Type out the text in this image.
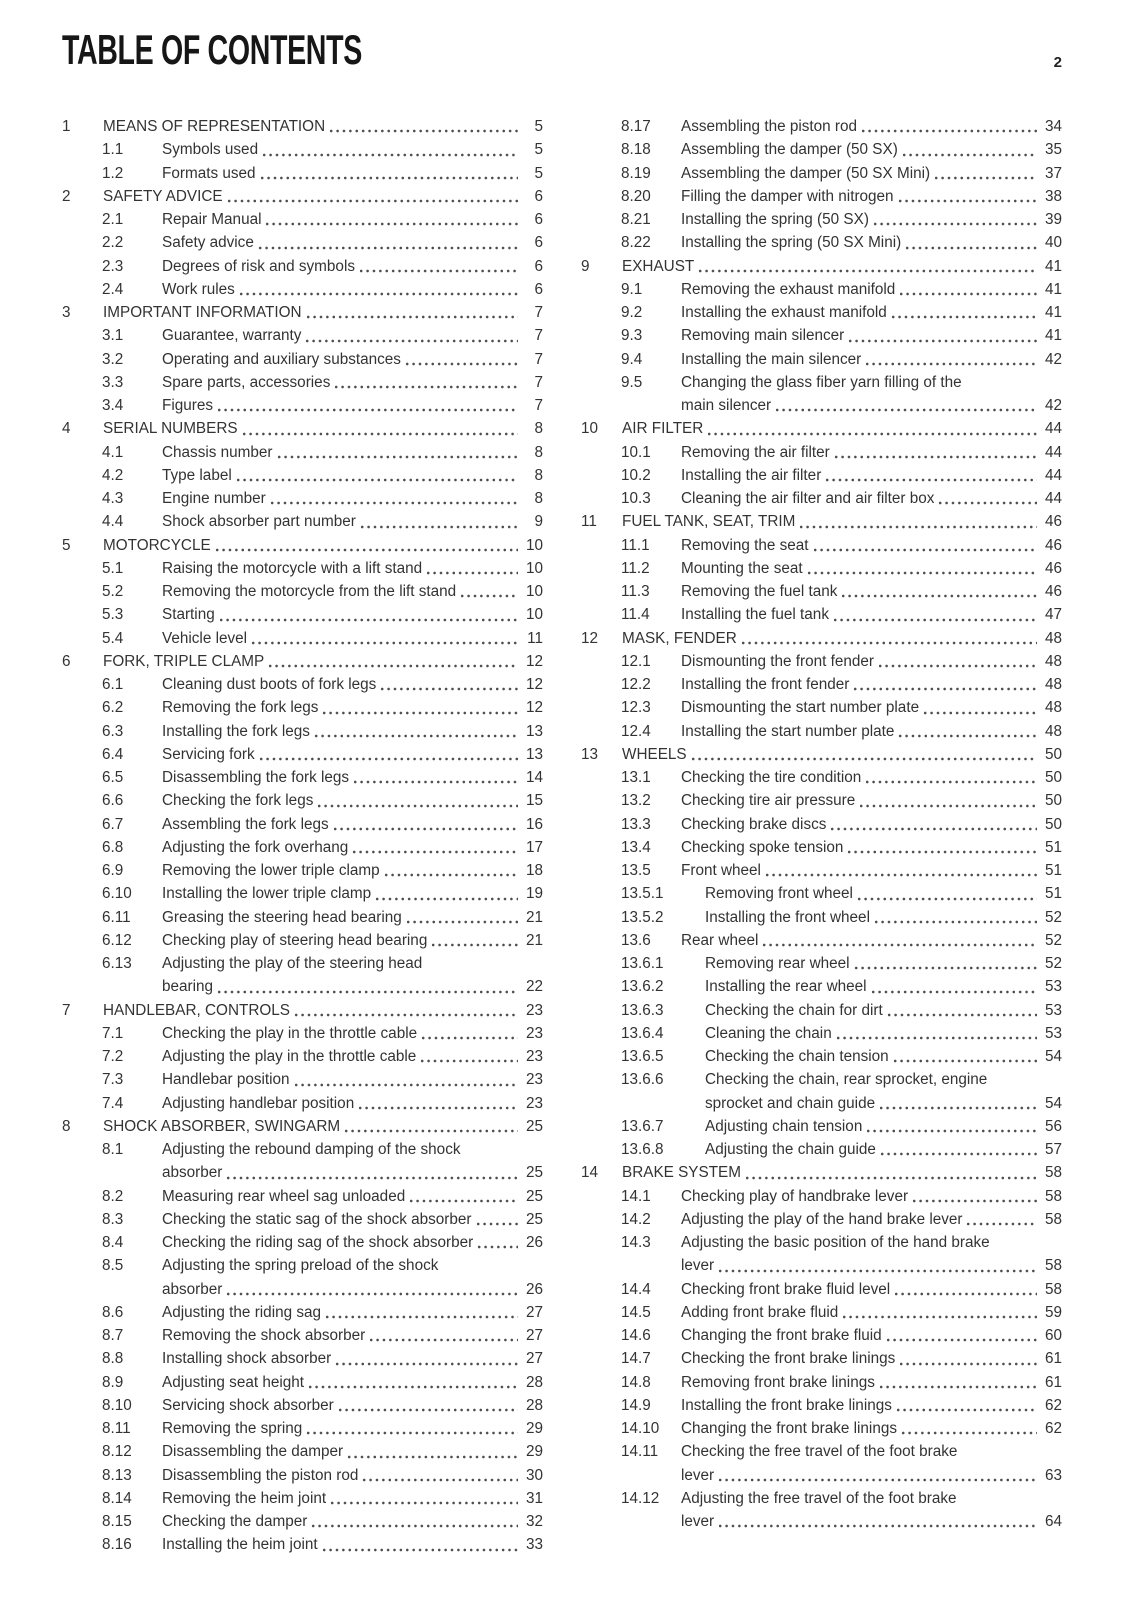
TABLE OF CONTENTS	2
1	MEANS OF REPRESENTATION	5
1.1	Symbols used	5
1.2	Formats used	5
2	SAFETY ADVICE	6
2.1	Repair Manual	6
2.2	Safety advice	6
2.3	Degrees of risk and symbols	6
2.4	Work rules	6
3	IMPORTANT INFORMATION	7
3.1	Guarantee, warranty	7
3.2	Operating and auxiliary substances	7
3.3	Spare parts, accessories	7
3.4	Figures	7
4	SERIAL NUMBERS	8
4.1	Chassis number	8
4.2	Type label	8
4.3	Engine number	8
4.4	Shock absorber part number	9
5	MOTORCYCLE	10
5.1	Raising the motorcycle with a lift stand	10
5.2	Removing the motorcycle from the lift stand	10
5.3	Starting	10
5.4	Vehicle level	11
6	FORK, TRIPLE CLAMP	12
6.1	Cleaning dust boots of fork legs	12
6.2	Removing the fork legs	12
6.3	Installing the fork legs	13
6.4	Servicing fork	13
6.5	Disassembling the fork legs	14
6.6	Checking the fork legs	15
6.7	Assembling the fork legs	16
6.8	Adjusting the fork overhang	17
6.9	Removing the lower triple clamp	18
6.10	Installing the lower triple clamp	19
6.11	Greasing the steering head bearing	21
6.12	Checking play of steering head bearing	21
6.13	Adjusting the play of the steering head
bearing	22
7	HANDLEBAR, CONTROLS	23
7.1	Checking the play in the throttle cable	23
7.2	Adjusting the play in the throttle cable	23
7.3	Handlebar position	23
7.4	Adjusting handlebar position	23
8	SHOCK ABSORBER, SWINGARM	25
8.1	Adjusting the rebound damping of the shock
absorber	25
8.2	Measuring rear wheel sag unloaded	25
8.3	Checking the static sag of the shock absorber	25
8.4	Checking the riding sag of the shock absorber	26
8.5	Adjusting the spring preload of the shock
absorber	26
8.6	Adjusting the riding sag	27
8.7	Removing the shock absorber	27
8.8	Installing shock absorber	27
8.9	Adjusting seat height	28
8.10	Servicing shock absorber	28
8.11	Removing the spring	29
8.12	Disassembling the damper	29
8.13	Disassembling the piston rod	30
8.14	Removing the heim joint	31
8.15	Checking the damper	32
8.16	Installing the heim joint	33
8.17	Assembling the piston rod	34
8.18	Assembling the damper (50 SX)	35
8.19	Assembling the damper (50 SX Mini)	37
8.20	Filling the damper with nitrogen	38
8.21	Installing the spring (50 SX)	39
8.22	Installing the spring (50 SX Mini)	40
9	EXHAUST	41
9.1	Removing the exhaust manifold	41
9.2	Installing the exhaust manifold	41
9.3	Removing main silencer	41
9.4	Installing the main silencer	42
9.5	Changing the glass fiber yarn filling of the
main silencer	42
10	AIR FILTER	44
10.1	Removing the air filter	44
10.2	Installing the air filter	44
10.3	Cleaning the air filter and air filter box	44
11	FUEL TANK, SEAT, TRIM	46
11.1	Removing the seat	46
11.2	Mounting the seat	46
11.3	Removing the fuel tank	46
11.4	Installing the fuel tank	47
12	MASK, FENDER	48
12.1	Dismounting the front fender	48
12.2	Installing the front fender	48
12.3	Dismounting the start number plate	48
12.4	Installing the start number plate	48
13	WHEELS	50
13.1	Checking the tire condition	50
13.2	Checking tire air pressure	50
13.3	Checking brake discs	50
13.4	Checking spoke tension	51
13.5	Front wheel	51
13.5.1	Removing front wheel	51
13.5.2	Installing the front wheel	52
13.6	Rear wheel	52
13.6.1	Removing rear wheel	52
13.6.2	Installing the rear wheel	53
13.6.3	Checking the chain for dirt	53
13.6.4	Cleaning the chain	53
13.6.5	Checking the chain tension	54
13.6.6	Checking the chain, rear sprocket, engine
sprocket and chain guide	54
13.6.7	Adjusting chain tension	56
13.6.8	Adjusting the chain guide	57
14	BRAKE SYSTEM	58
14.1	Checking play of handbrake lever	58
14.2	Adjusting the play of the hand brake lever	58
14.3	Adjusting the basic position of the hand brake
lever	58
14.4	Checking front brake fluid level	58
14.5	Adding front brake fluid	59
14.6	Changing the front brake fluid	60
14.7	Checking the front brake linings	61
14.8	Removing front brake linings	61
14.9	Installing the front brake linings	62
14.10	Changing the front brake linings	62
14.11	Checking the free travel of the foot brake
lever	63
14.12	Adjusting the free travel of the foot brake
lever	64
